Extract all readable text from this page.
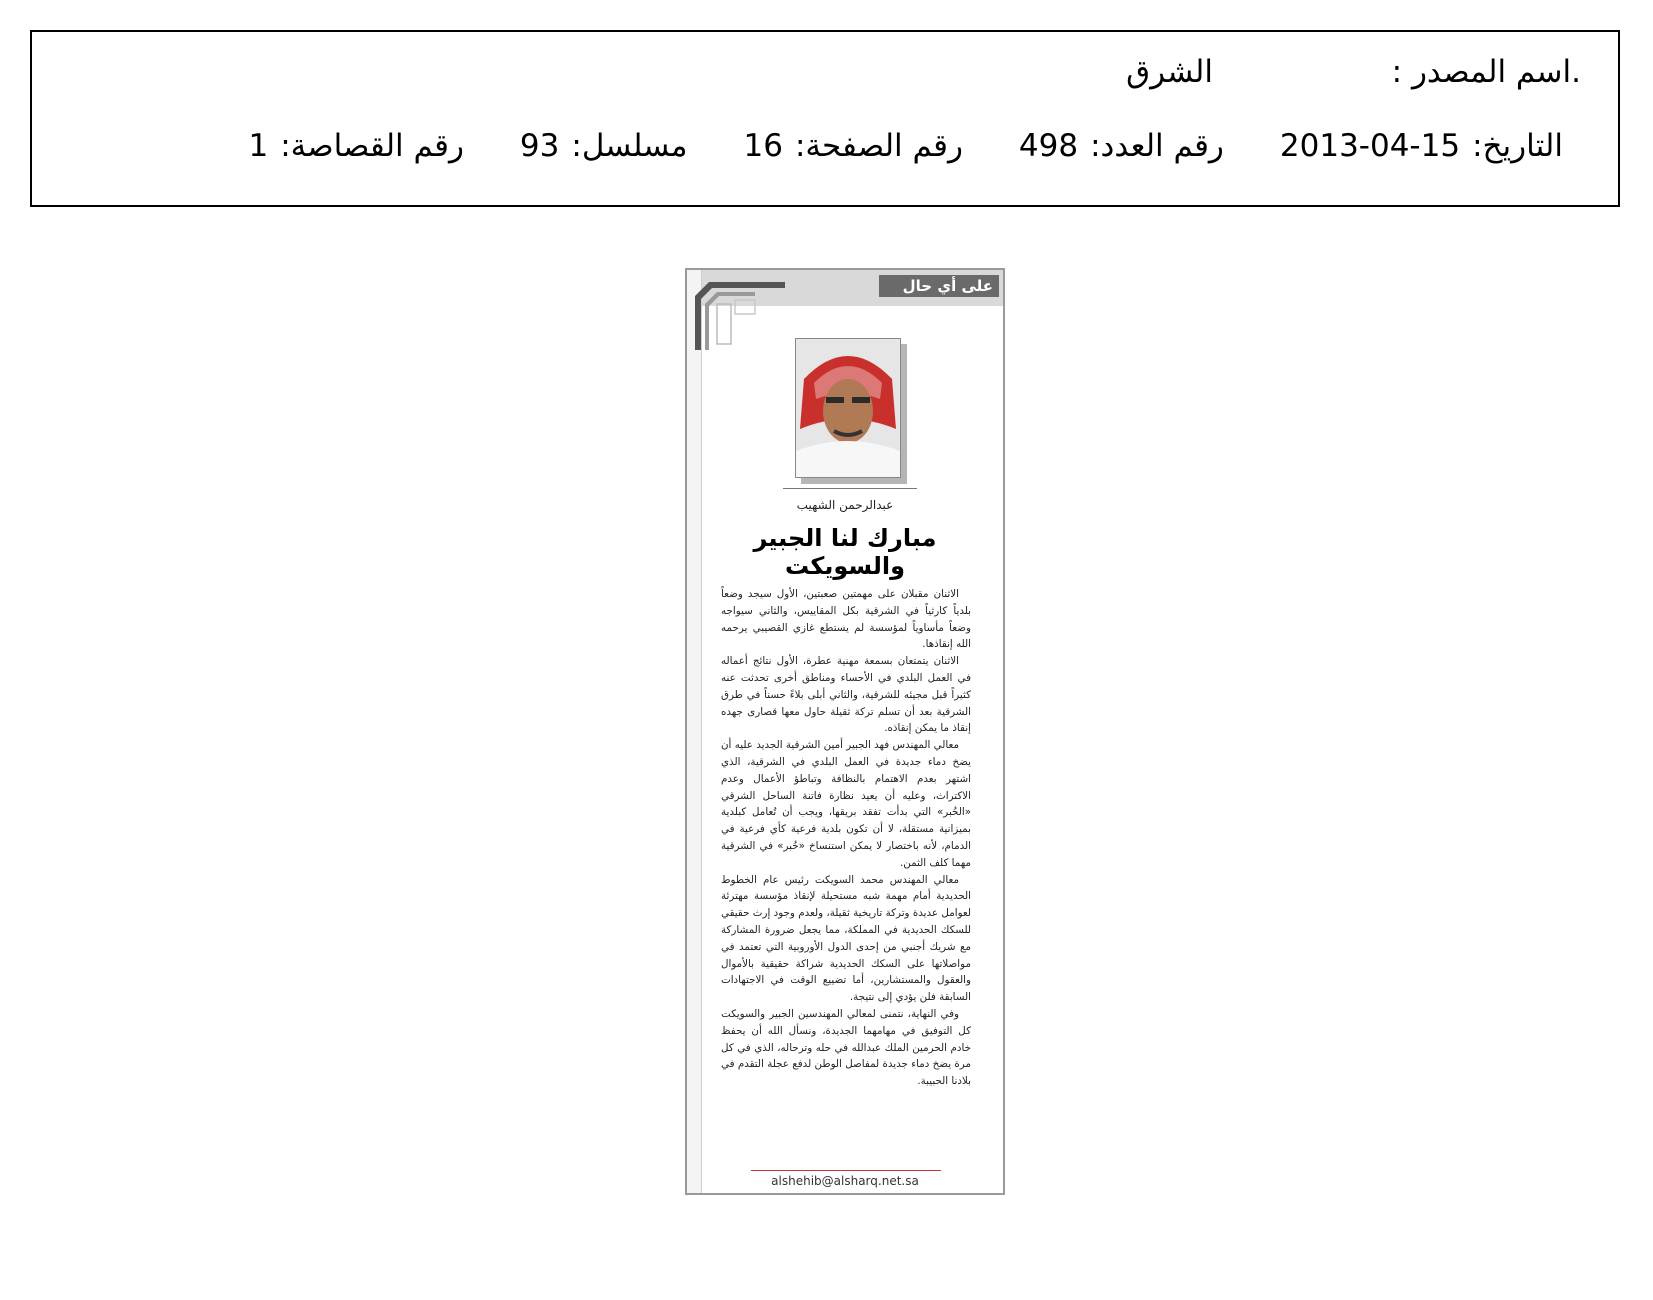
.اسم المصدر :
الشرق
التاريخ:
2013-04-15
رقم العدد:
498
رقم الصفحة:
16
مسلسل:
93
رقم القصاصة:
1
على أي حال
عبدالرحمن الشهيب
مبارك لنا الجبير والسويكت

الاثنان مقبلان على مهمتين صعبتين، الأول سيجد وضعاً بلدياً كارثياً في الشرقية بكل المقاييس، والثاني سيواجه وضعاً مأساوياً لمؤسسة لم يستطع غازي القصيبي يرحمه الله إنقاذها.

الاثنان يتمتعان بسمعة مهنية عطرة، الأول نتائج أعماله في العمل البلدي في الأحساء ومناطق أخرى تحدثت عنه كثيراً قبل مجيئه للشرقية، والثاني أبلى بلاءً حسناً في طرق الشرقية بعد أن تسلم تركة ثقيلة حاول معها قصارى جهده إنقاذ ما يمكن إنقاذه.

معالي المهندس فهد الجبير أمين الشرقية الجديد عليه أن يضخ دماء جديدة في العمل البلدي في الشرقية، الذي اشتهر بعدم الاهتمام بالنظافة وتباطؤ الأعمال وعدم الاكتراث، وعليه أن يعيد نظارة فاتنة الساحل الشرقي «الخُبر» التي بدأت تفقد بريقها، ويجب أن تُعامل كبلدية بميزانية مستقلة، لا أن تكون بلدية فرعية كأي فرعية في الدمام، لأنه باختصار لا يمكن استنساخ «خُبر» في الشرقية مهما كلف الثمن.

معالي المهندس محمد السويكت رئيس عام الخطوط الحديدية أمام مهمة شبه مستحيلة لإنقاذ مؤسسة مهترئة لعوامل عديدة وتركة تاريخية ثقيلة، ولعدم وجود إرث حقيقي للسكك الحديدية في المملكة، مما يجعل ضرورة المشاركة مع شريك أجنبي من إحدى الدول الأوروبية التي تعتمد في مواصلاتها على السكك الحديدية شراكة حقيقية بالأموال والعقول والمستشارين، أما تضييع الوقت في الاجتهادات السابقة فلن يؤدي إلى نتيجة.

وفي النهاية، نتمنى لمعالي المهندسين الجبير والسويكت كل التوفيق في مهامهما الجديدة، ونسأل الله أن يحفظ خادم الحرمين الملك عبدالله في حله وترحاله، الذي في كل مرة يضخ دماء جديدة لمفاصل الوطن لدفع عجلة التقدم في بلادنا الحبيبة.

alshehib@alsharq.net.sa
